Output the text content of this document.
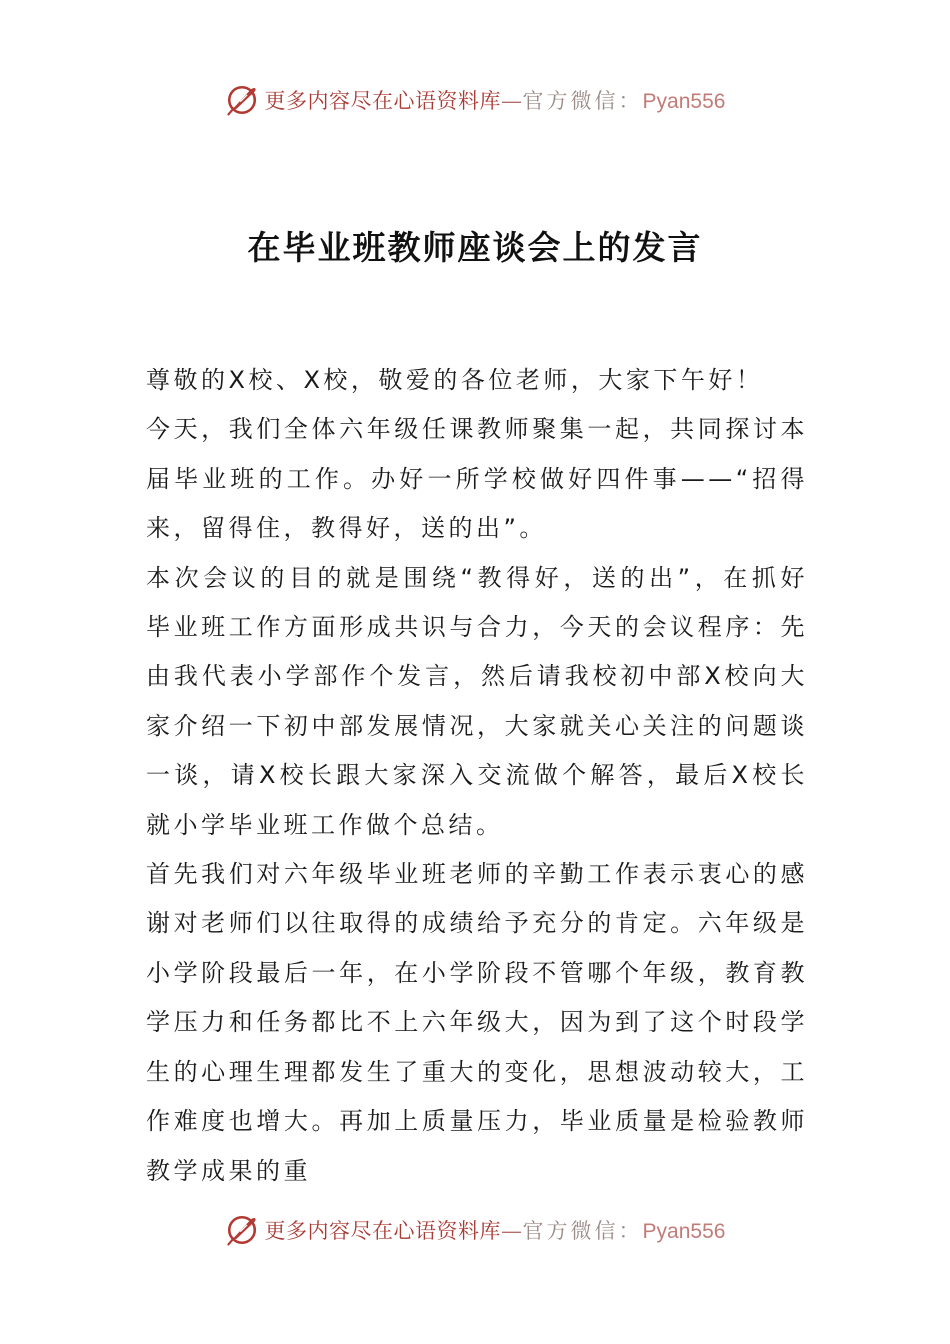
更多内容尽在心语资料库—官方微信：Pyan556
在毕业班教师座谈会上的发言

尊敬的X校、X校，敬爱的各位老师，大家下午好！

今天，我们全体六年级任课教师聚集一起，共同探讨本届毕业班的工作。办好一所学校做好四件事——“招得来，留得住，教得好，送的出”。

本次会议的目的就是围绕“教得好，送的出”，在抓好毕业班工作方面形成共识与合力，今天的会议程序：先由我代表小学部作个发言，然后请我校初中部X校向大家介绍一下初中部发展情况，大家就关心关注的问题谈一谈，请X校长跟大家深入交流做个解答，最后X校长就小学毕业班工作做个总结。

首先我们对六年级毕业班老师的辛勤工作表示衷心的感谢对老师们以往取得的成绩给予充分的肯定。六年级是小学阶段最后一年，在小学阶段不管哪个年级，教育教学压力和任务都比不上六年级大，因为到了这个时段学生的心理生理都发生了重大的变化，思想波动较大，工作难度也增大。再加上质量压力，毕业质量是检验教师教学成果的重

更多内容尽在心语资料库—官方微信：Pyan556
